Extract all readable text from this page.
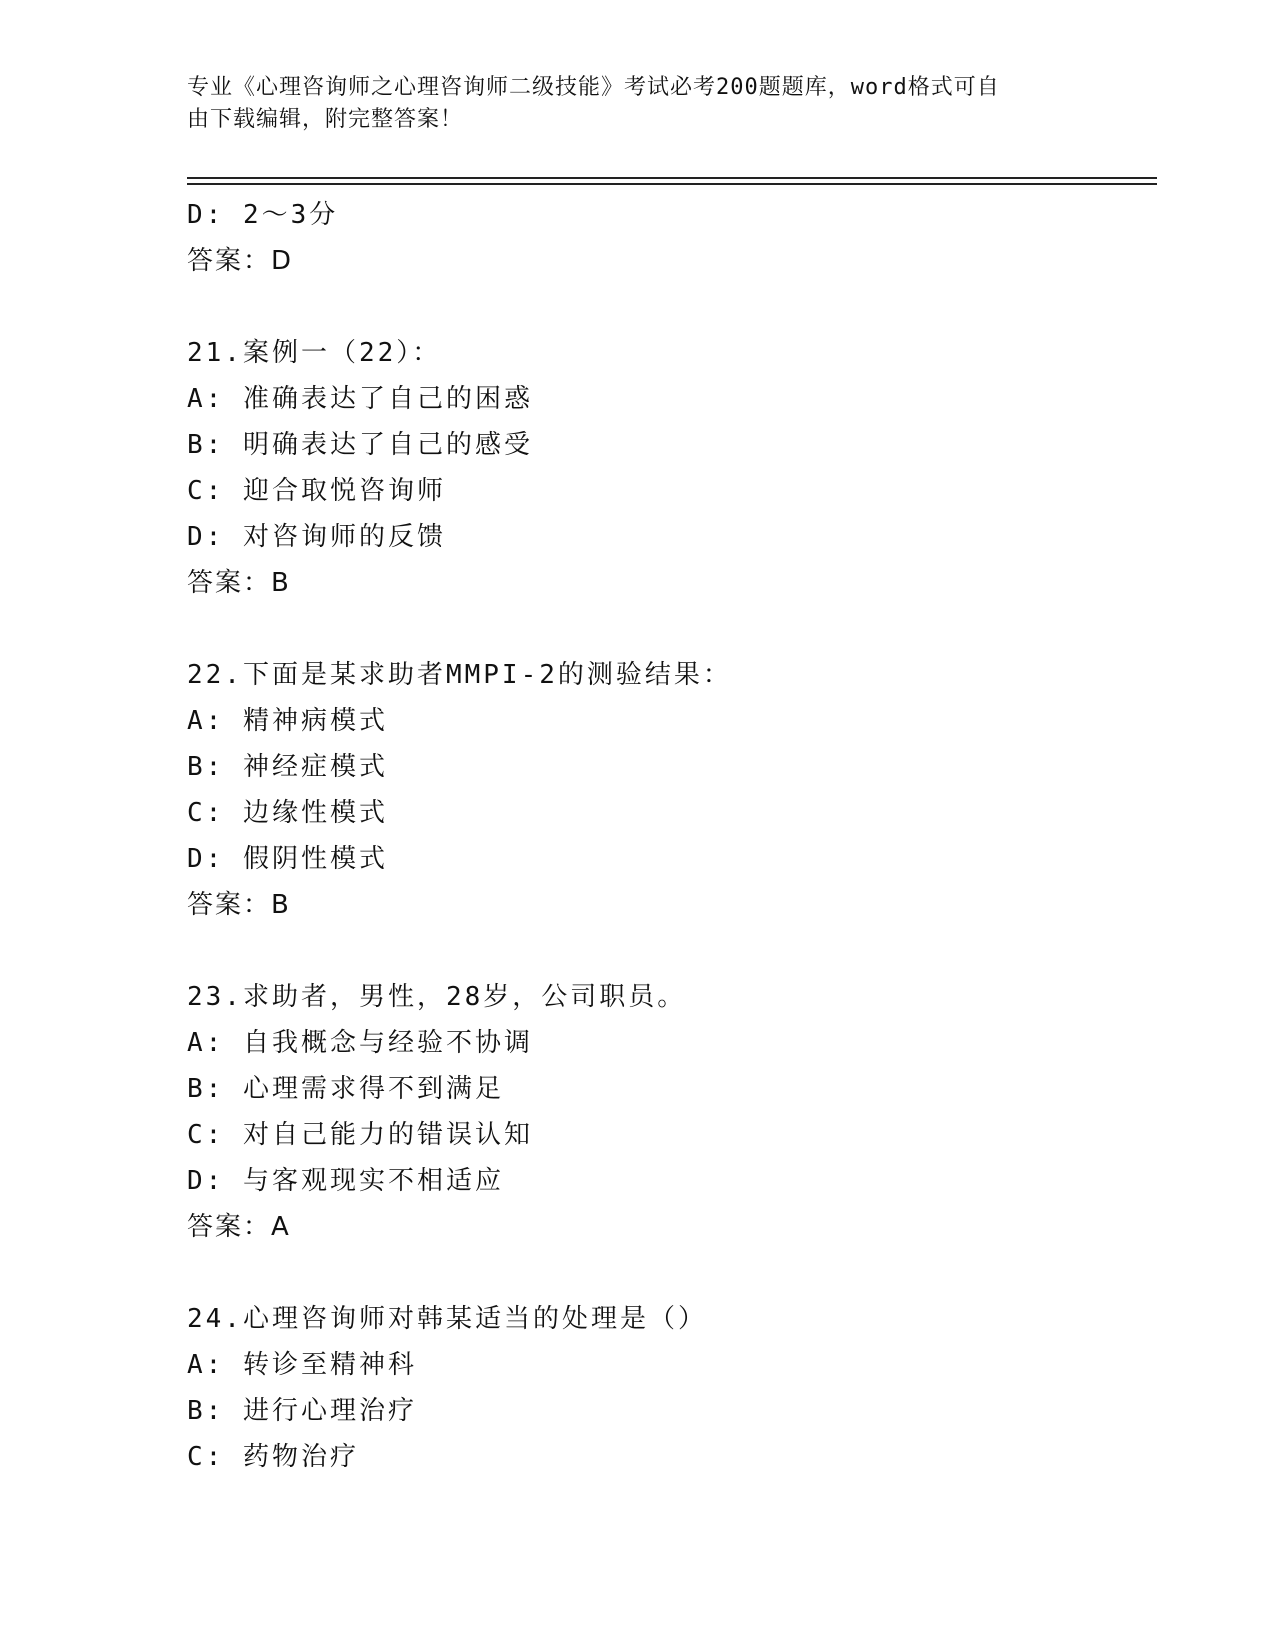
专业《心理咨询师之心理咨询师二级技能》考试必考200题题库，word格式可自
由下载编辑，附完整答案！
D: 2～3分
答案：D
21.案例一（22）：
A: 准确表达了自己的困惑
B: 明确表达了自己的感受
C: 迎合取悦咨询师
D: 对咨询师的反馈
答案：B
22.下面是某求助者MMPI-2的测验结果：
A: 精神病模式
B: 神经症模式
C: 边缘性模式
D: 假阴性模式
答案：B
23.求助者，男性，28岁，公司职员。
A: 自我概念与经验不协调
B: 心理需求得不到满足
C: 对自己能力的错误认知
D: 与客观现实不相适应
答案：A
24.心理咨询师对韩某适当的处理是（）
A: 转诊至精神科
B: 进行心理治疗
C: 药物治疗
